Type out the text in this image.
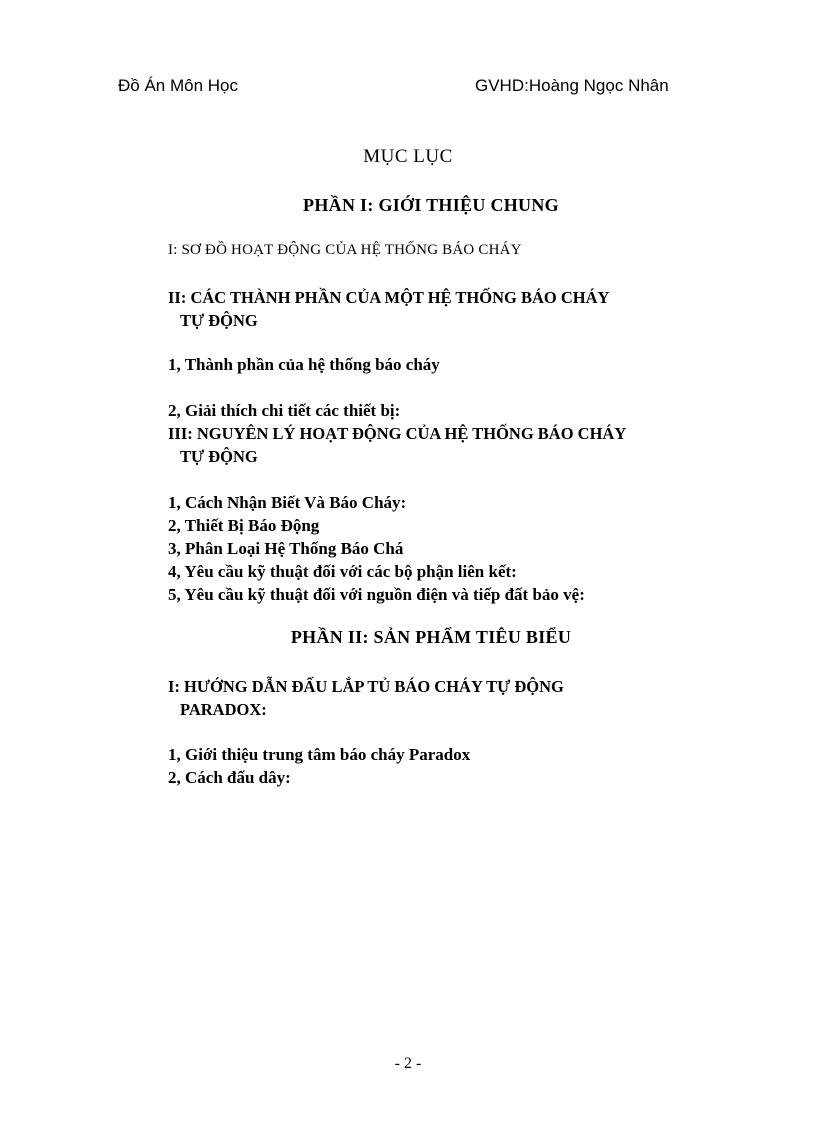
Đồ Án Môn Học	GVHD:Hoàng Ngọc Nhân
MỤC LỤC
PHẦN I: GIỚI THIỆU CHUNG
I: SƠ ĐỒ HOẠT ĐỘNG CỦA HỆ THỐNG BÁO CHÁY
II: CÁC THÀNH PHẦN CỦA MỘT HỆ THỐNG BÁO CHÁY
TỰ ĐỘNG
1, Thành phần của hệ thống báo cháy
2, Giải thích chi tiết các thiết bị:
III: NGUYÊN LÝ HOẠT ĐỘNG CỦA HỆ THỐNG BÁO CHÁY
TỰ ĐỘNG
1, Cách Nhận Biết Và Báo Cháy:
2, Thiết Bị Báo Động
3, Phân Loại Hệ Thống Báo Chá
4, Yêu cầu kỹ thuật đối với các bộ phận liên kết:
5, Yêu cầu kỹ thuật đối với nguồn điện và tiếp đất bảo vệ:
PHẦN II: SẢN PHẨM TIÊU BIỂU
I: HƯỚNG DẪN ĐẤU LẮP TỦ BÁO CHÁY TỰ ĐỘNG
PARADOX:
1, Giới thiệu trung tâm báo cháy Paradox
2, Cách đấu dây:
- 2 -
